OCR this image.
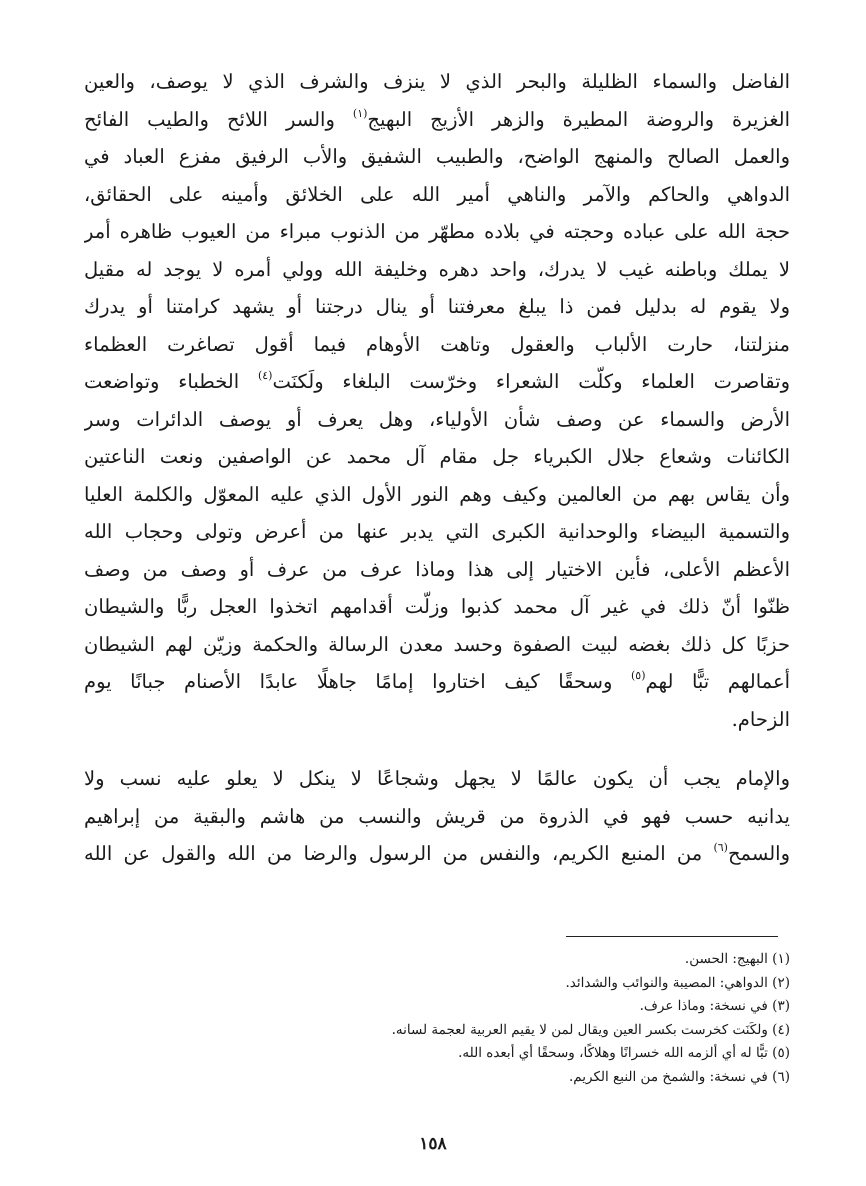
الفاضل والسماء الظليلة والبحر الذي لا ينزف والشرف الذي لا يوصف، والعين
الغزيرة والروضة المطيرة والزهر الأزيج البهيج$^{(١)}$ والسر اللائح والطيب الفائح
والعمل الصالح والمنهج الواضح، والطبيب الشفيق والأب الرفيق مفزع العباد في
الدواهي والحاكم والآمر والناهي أمير الله على الخلائق وأمينه على الحقائق،
حجة الله على عباده وحجته في بلاده مطهّر من الذنوب مبراء من العيوب ظاهره أمر
لا يملك وباطنه غيب لا يدرك، واحد دهره وخليفة الله وولي أمره لا يوجد له مقيل
ولا يقوم له بدليل فمن ذا يبلغ معرفتنا أو ينال درجتنا أو يشهد كرامتنا أو يدرك
منزلتنا، حارت الألباب والعقول وتاهت الأوهام فيما أقول تصاغرت العظماء
وتقاصرت العلماء وكلّت الشعراء وخرّست البلغاء ولَكنَت$^{(٤)}$ الخطباء وتواضعت
الأرض والسماء عن وصف شأن الأولياء، وهل يعرف أو يوصف الدائرات وسر
الكائنات وشعاع جلال الكبرياء جل مقام آل محمد عن الواصفين ونعت الناعتين
وأن يقاس بهم من العالمين وكيف وهم النور الأول الذي عليه المعوّل والكلمة العليا
والتسمية البيضاء والوحدانية الكبرى التي يدبر عنها من أعرض وتولى وحجاب الله
الأعظم الأعلى، فأين الاختيار إلى هذا وماذا عرف من عرف أو وصف من وصف
ظنّوا أنّ ذلك في غير آل محمد كذبوا وزلّت أقدامهم اتخذوا العجل ربًّا والشيطان
حزبًا كل ذلك بغضه لبيت الصفوة وحسد معدن الرسالة والحكمة وزيّن لهم الشيطان
أعمالهم تبًّا لهم$^{(٥)}$ وسحقًا كيف اختاروا إمامًا جاهلًا عابدًا الأصنام جبانًا يوم
الزحام.
والإمام يجب أن يكون عالمًا لا يجهل وشجاعًا لا ينكل لا يعلو عليه نسب ولا
يدانيه حسب فهو في الذروة من قريش والنسب من هاشم والبقية من إبراهيم
والسمح$^{(٦)}$ من المنبع الكريم، والنفس من الرسول والرضا من الله والقول عن الله
(١) البهيج: الحسن.
(٢) الدواهي: المصيبة والنوائب والشدائد.
(٣) في نسخة: وماذا عرف.
(٤) ولكَنَت كخرست بكسر العين ويقال لمن لا يقيم العربية لعجمة لسانه.
(٥) تبًّا له أي ألزمه الله خسرانًا وهلاكًا، وسحقًا أي أبعده الله.
(٦) في نسخة: والشمخ من النبع الكريم.
١٥٨
